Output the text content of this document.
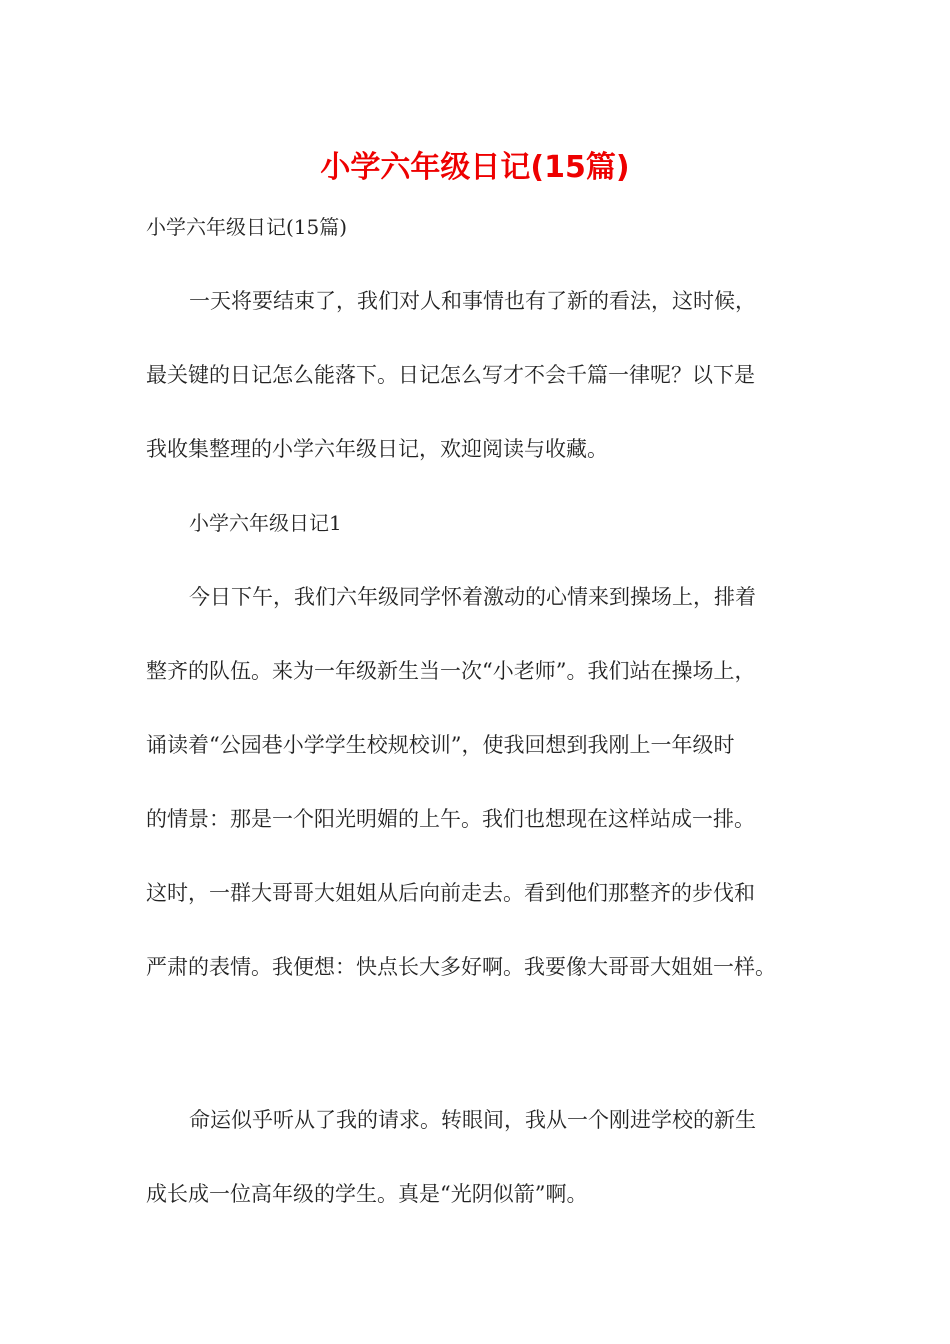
小学六年级日记(15篇)

小学六年级日记(15篇)

一天将要结束了，我们对人和事情也有了新的看法，这时候，

最关键的日记怎么能落下。日记怎么写才不会千篇一律呢？以下是

我收集整理的小学六年级日记，欢迎阅读与收藏。

小学六年级日记1

今日下午，我们六年级同学怀着激动的心情来到操场上，排着

整齐的队伍。来为一年级新生当一次“小老师”。我们站在操场上，

诵读着“公园巷小学学生校规校训”，使我回想到我刚上一年级时

的情景：那是一个阳光明媚的上午。我们也想现在这样站成一排。

这时，一群大哥哥大姐姐从后向前走去。看到他们那整齐的步伐和

严肃的表情。我便想：快点长大多好啊。我要像大哥哥大姐姐一样。

命运似乎听从了我的请求。转眼间，我从一个刚进学校的新生

成长成一位高年级的学生。真是“光阴似箭”啊。
